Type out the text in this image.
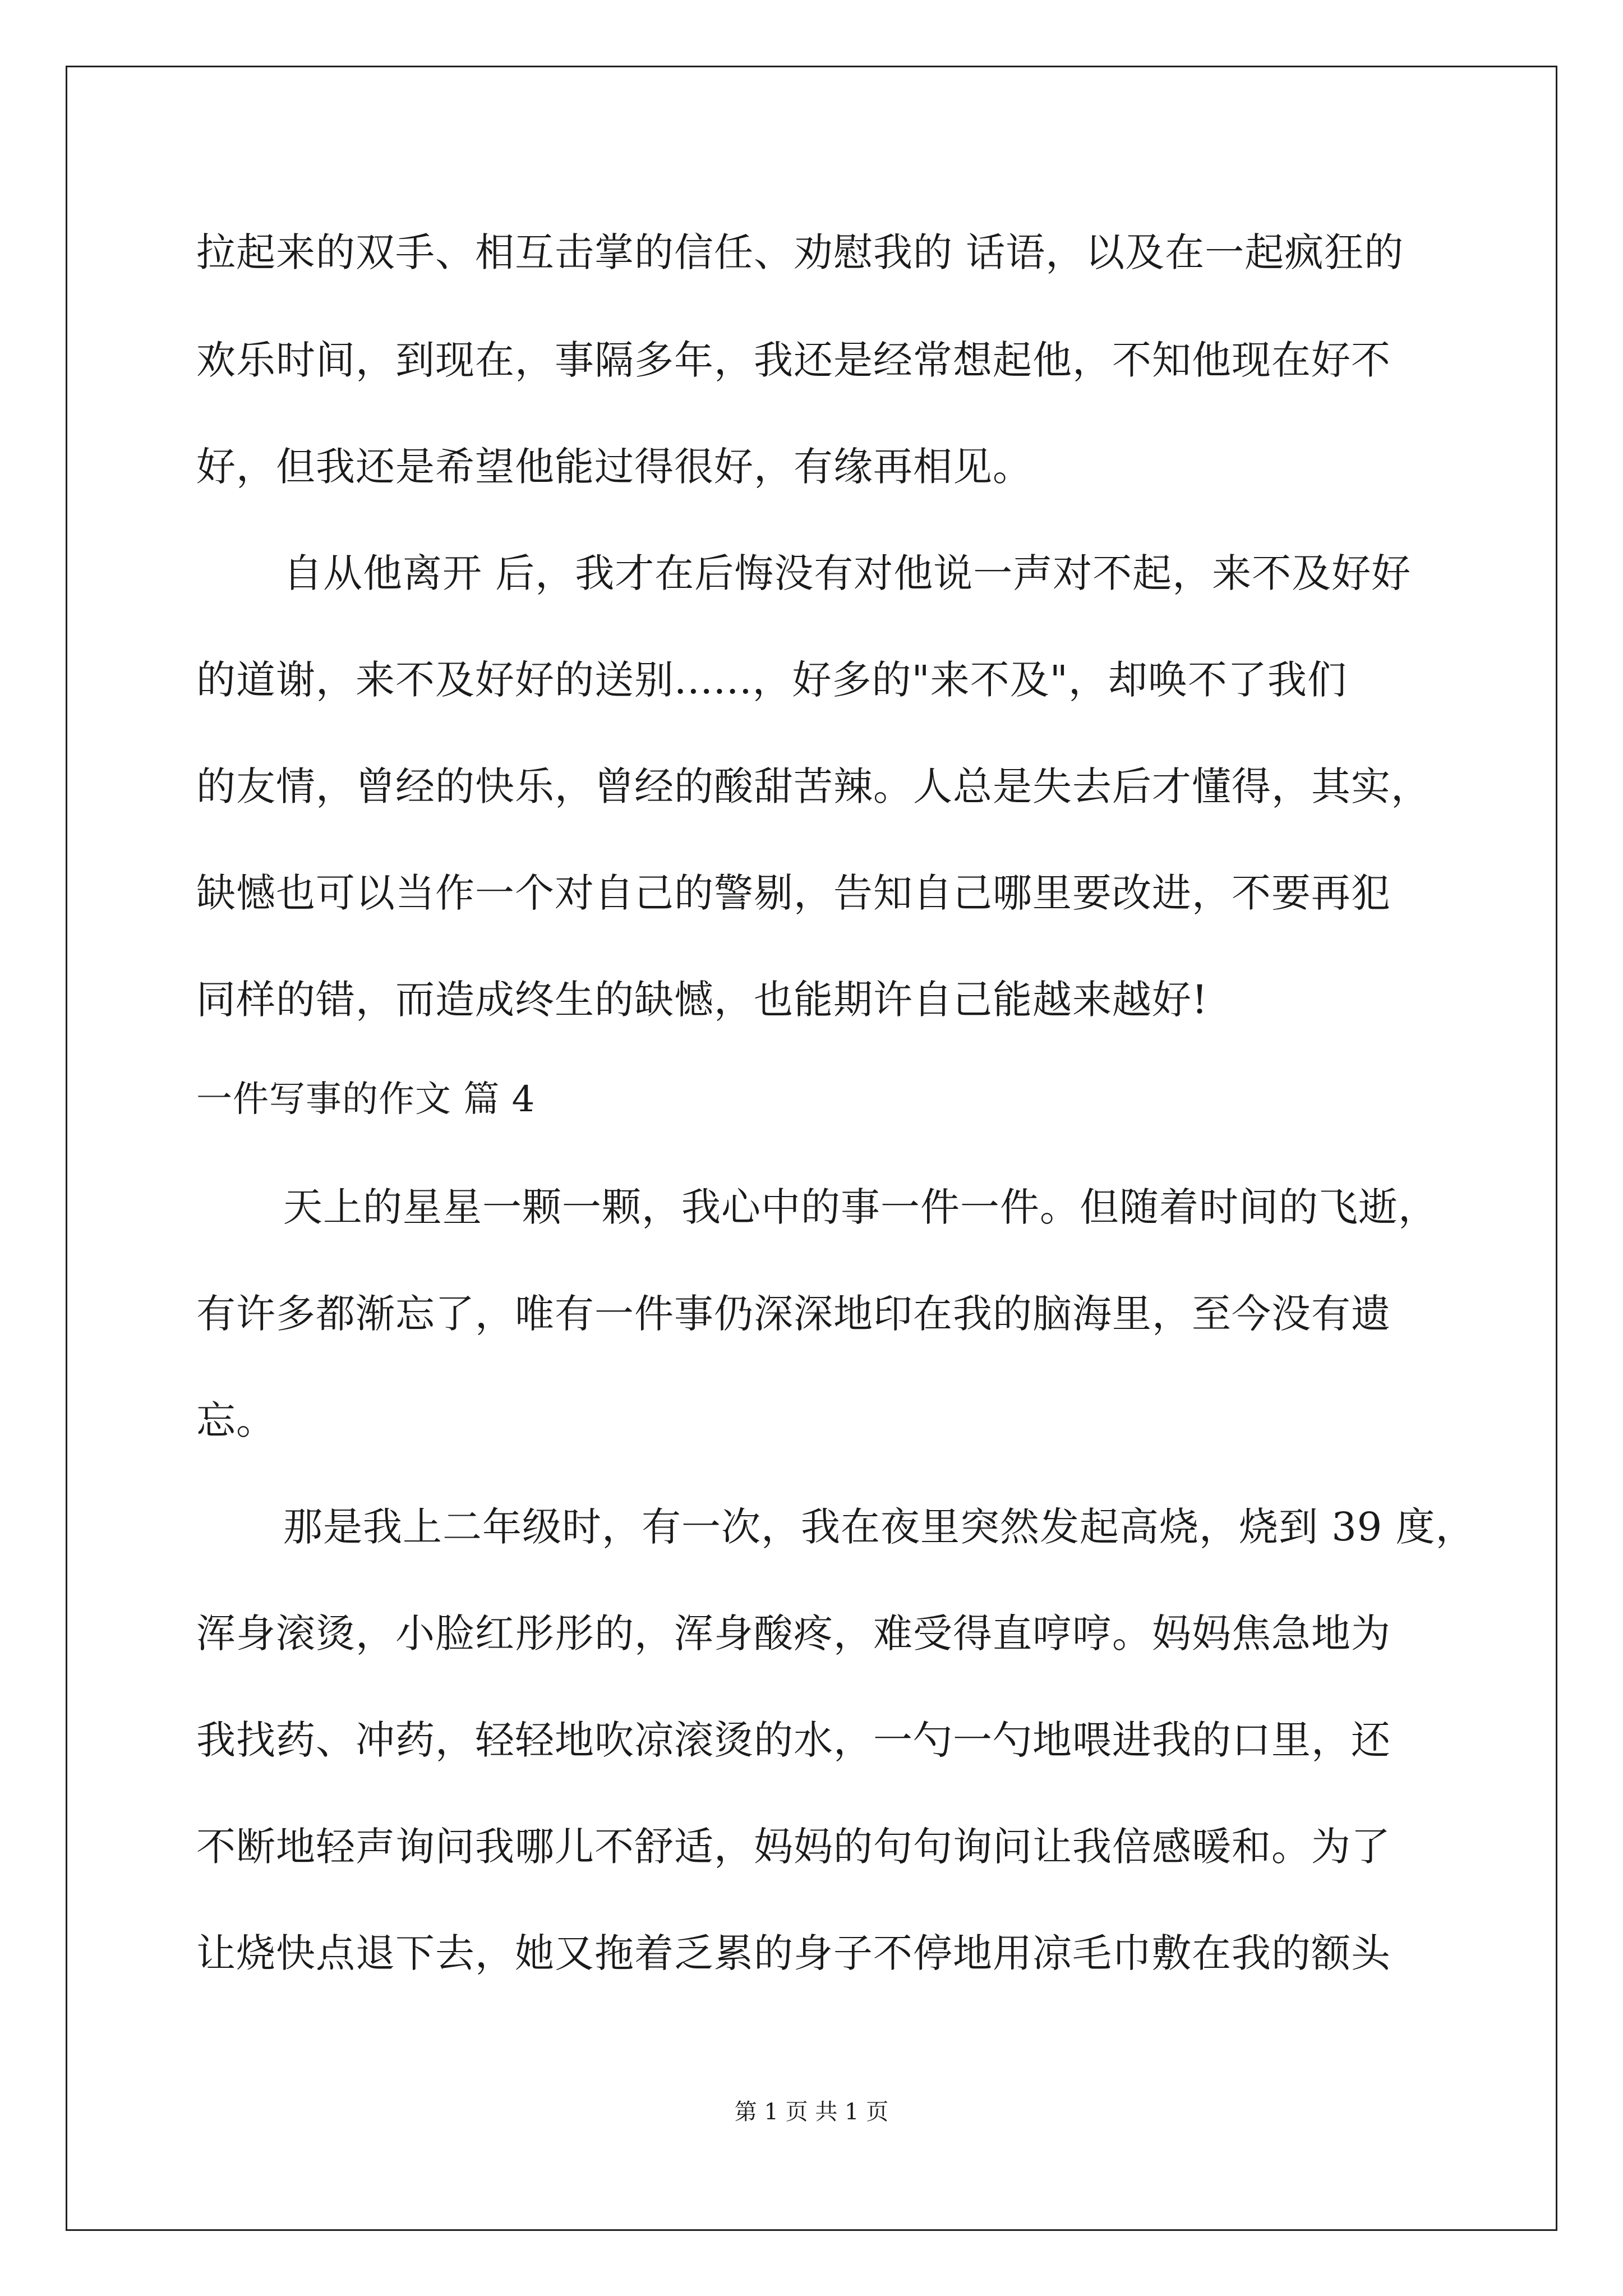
拉起来的双手、相互击掌的信任、劝慰我的 话语，以及在一起疯狂的
欢乐时间，到现在，事隔多年，我还是经常想起他，不知他现在好不
好，但我还是希望他能过得很好，有缘再相见。
自从他离开 后，我才在后悔没有对他说一声对不起，来不及好好
的道谢，来不及好好的送别......，好多的"来不及"，却唤不了我们
的友情，曾经的快乐，曾经的酸甜苦辣。人总是失去后才懂得，其实，
缺憾也可以当作一个对自己的警剔，告知自己哪里要改进，不要再犯
同样的错，而造成终生的缺憾，也能期许自己能越来越好!
一件写事的作文 篇 4
天上的星星一颗一颗，我心中的事一件一件。但随着时间的飞逝，
有许多都渐忘了，唯有一件事仍深深地印在我的脑海里，至今没有遗
忘。
那是我上二年级时，有一次，我在夜里突然发起高烧，烧到 39 度，
浑身滚烫，小脸红彤彤的，浑身酸疼，难受得直哼哼。妈妈焦急地为
我找药、冲药，轻轻地吹凉滚烫的水，一勺一勺地喂进我的口里，还
不断地轻声询问我哪儿不舒适，妈妈的句句询问让我倍感暖和。为了
让烧快点退下去，她又拖着乏累的身子不停地用凉毛巾敷在我的额头
第 1 页 共 1 页
